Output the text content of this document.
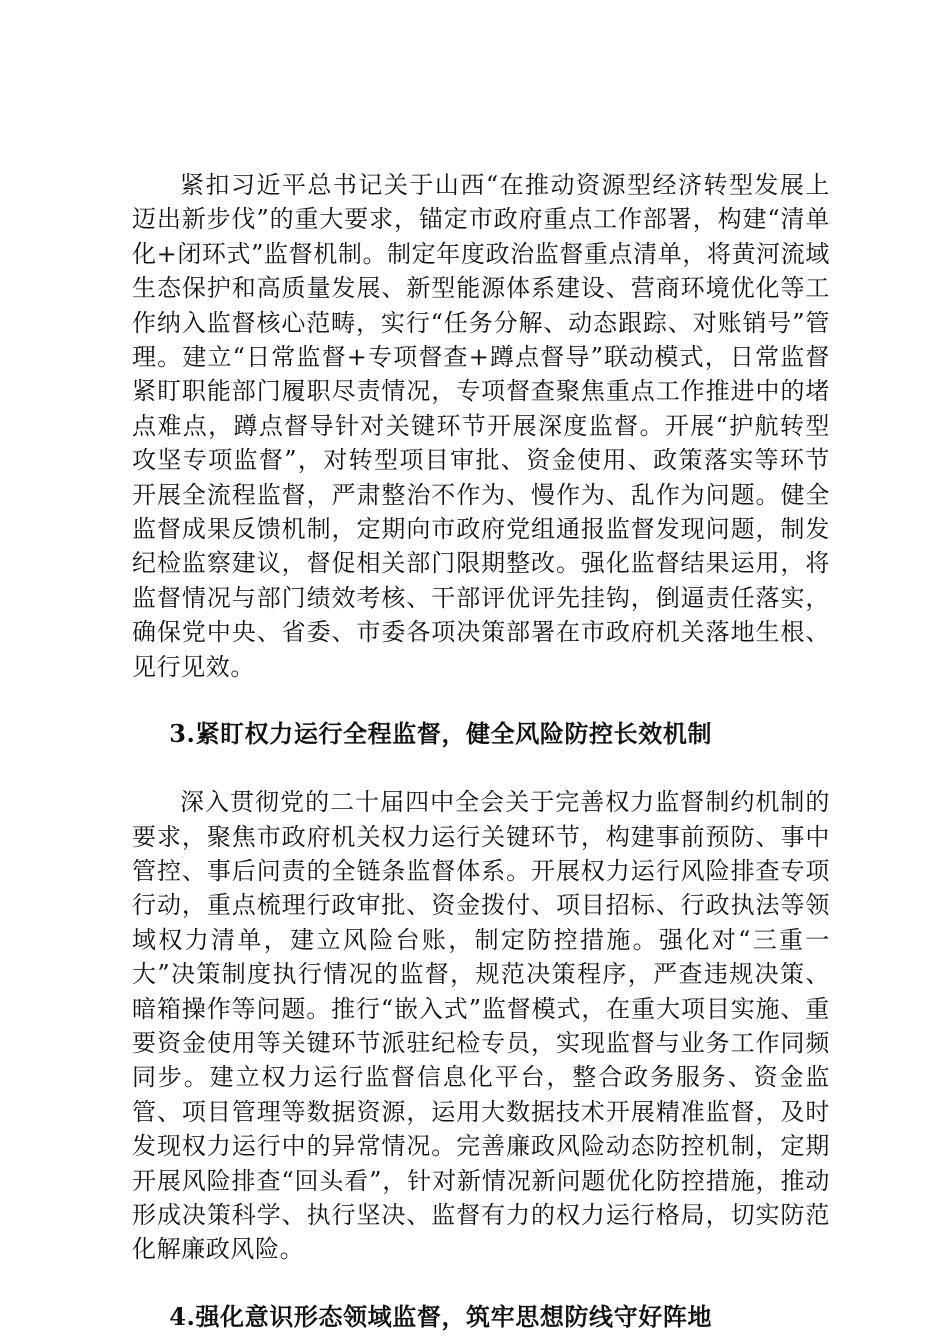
紧扣习近平总书记关于山西“在推动资源型经济转型发展上迈出新步伐”的重大要求，锚定市政府重点工作部署，构建“清单化+闭环式”监督机制。制定年度政治监督重点清单，将黄河流域生态保护和高质量发展、新型能源体系建设、营商环境优化等工作纳入监督核心范畴，实行“任务分解、动态跟踪、对账销号”管理。建立“日常监督+专项督查+蹲点督导”联动模式，日常监督紧盯职能部门履职尽责情况，专项督查聚焦重点工作推进中的堵点难点，蹲点督导针对关键环节开展深度监督。开展“护航转型攻坚专项监督”，对转型项目审批、资金使用、政策落实等环节开展全流程监督，严肃整治不作为、慢作为、乱作为问题。健全监督成果反馈机制，定期向市政府党组通报监督发现问题，制发纪检监察建议，督促相关部门限期整改。强化监督结果运用，将监督情况与部门绩效考核、干部评优评先挂钩，倒逼责任落实，确保党中央、省委、市委各项决策部署在市政府机关落地生根、见行见效。

3.紧盯权力运行全程监督，健全风险防控长效机制

深入贯彻党的二十届四中全会关于完善权力监督制约机制的要求，聚焦市政府机关权力运行关键环节，构建事前预防、事中管控、事后问责的全链条监督体系。开展权力运行风险排查专项行动，重点梳理行政审批、资金拨付、项目招标、行政执法等领域权力清单，建立风险台账，制定防控措施。强化对“三重一大”决策制度执行情况的监督，规范决策程序，严查违规决策、暗箱操作等问题。推行“嵌入式”监督模式，在重大项目实施、重要资金使用等关键环节派驻纪检专员，实现监督与业务工作同频同步。建立权力运行监督信息化平台，整合政务服务、资金监管、项目管理等数据资源，运用大数据技术开展精准监督，及时发现权力运行中的异常情况。完善廉政风险动态防控机制，定期开展风险排查“回头看”，针对新情况新问题优化防控措施，推动形成决策科学、执行坚决、监督有力的权力运行格局，切实防范化解廉政风险。

4.强化意识形态领域监督，筑牢思想防线守好阵地
